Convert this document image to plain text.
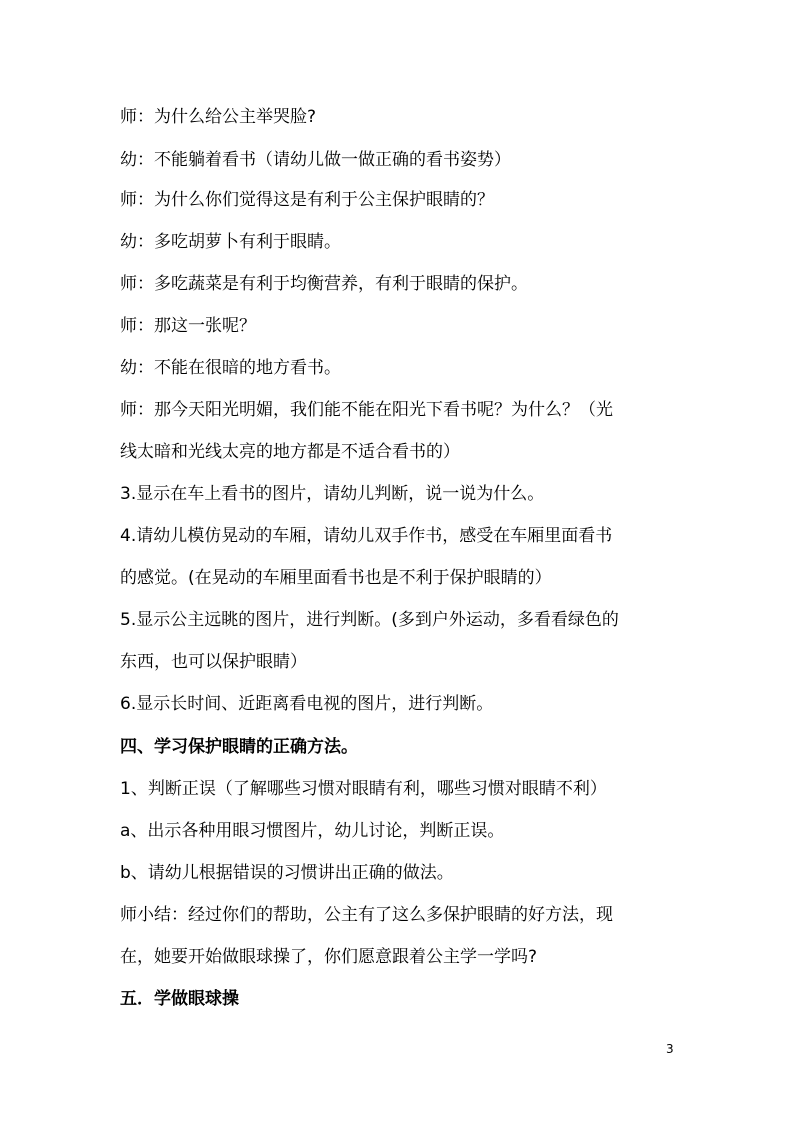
师：为什么给公主举哭脸?
幼：不能躺着看书（请幼儿做一做正确的看书姿势）
师：为什么你们觉得这是有利于公主保护眼睛的？
幼：多吃胡萝卜有利于眼睛。
师：多吃蔬菜是有利于均衡营养，有利于眼睛的保护。
师：那这一张呢？
幼：不能在很暗的地方看书。
师：那今天阳光明媚，我们能不能在阳光下看书呢？为什么？（光
线太暗和光线太亮的地方都是不适合看书的）
3.显示在车上看书的图片，请幼儿判断，说一说为什么。
4.请幼儿模仿晃动的车厢，请幼儿双手作书，感受在车厢里面看书
的感觉。(在晃动的车厢里面看书也是不利于保护眼睛的）
5.显示公主远眺的图片，进行判断。(多到户外运动，多看看绿色的
东西，也可以保护眼睛）
6.显示长时间、近距离看电视的图片，进行判断。
四、学习保护眼睛的正确方法。
1、判断正误（了解哪些习惯对眼睛有利，哪些习惯对眼睛不利）
a、出示各种用眼习惯图片，幼儿讨论，判断正误。
b、请幼儿根据错误的习惯讲出正确的做法。
师小结：经过你们的帮助，公主有了这么多保护眼睛的好方法，现
在，她要开始做眼球操了，你们愿意跟着公主学一学吗?
五．学做眼球操
3
